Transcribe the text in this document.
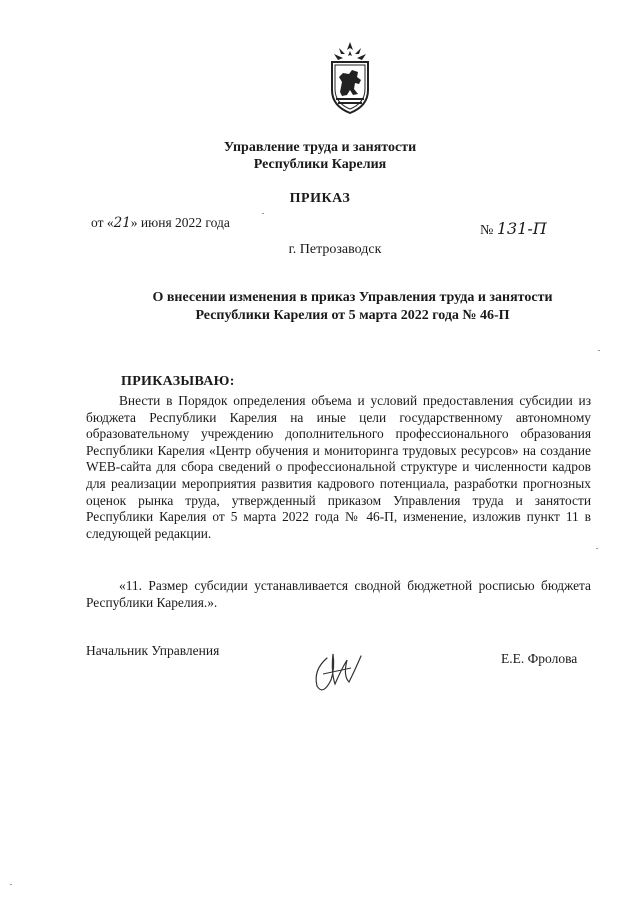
Управление труда и занятости
Республики Карелия
ПРИКАЗ
от «21» июня 2022 года
№ 131-П
г. Петрозаводск
О внесении изменения в приказ Управления труда и занятости
Республики Карелия от 5 марта 2022 года № 46-П
ПРИКАЗЫВАЮ:
Внести в Порядок определения объема и условий предоставления субсидии из бюджета Республики Карелия на иные цели государственному автономному образовательному учреждению дополнительного профессионального образования Республики Карелия «Центр обучения и мониторинга трудовых ресурсов» на создание WEB-сайта для сбора сведений о профессиональной структуре и численности кадров для реализации мероприятия развития кадрового потенциала, разработки прогнозных оценок рынка труда, утвержденный приказом Управления труда и занятости Республики Карелия от 5 марта 2022 года № 46-П, изменение, изложив пункт 11 в следующей редакции.
«11. Размер субсидии устанавливается сводной бюджетной росписью бюджета Республики Карелия.».
Начальник Управления
Е.Е. Фролова
